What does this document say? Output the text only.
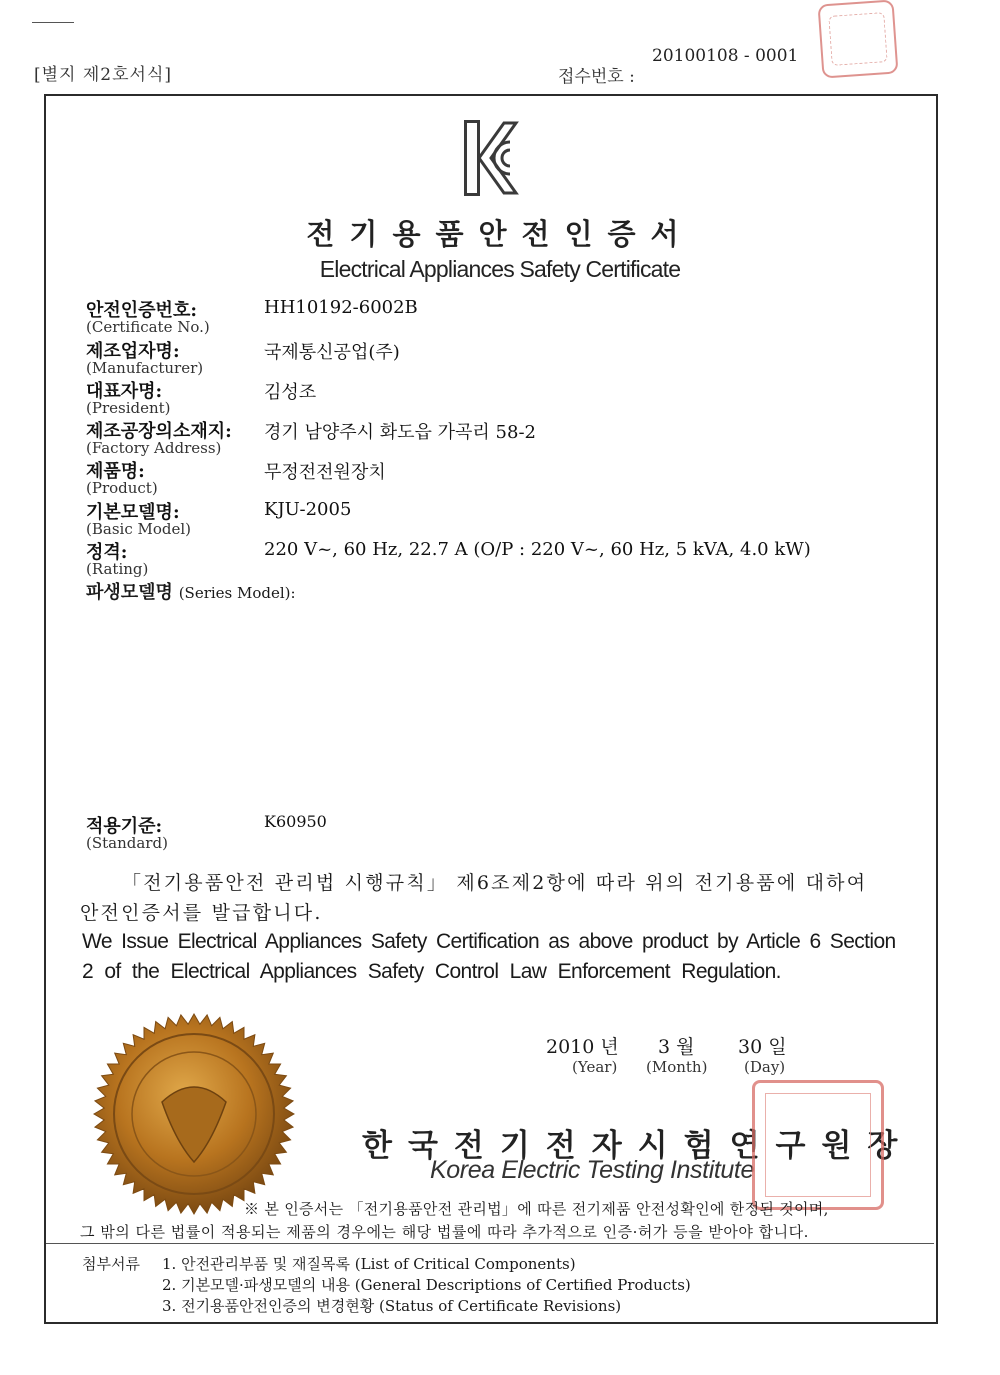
[별지 제2호서식]	접수번호 :
20100108 - 0001
전기용품안전인증서
Electrical Appliances Safety Certificate
안전인증번호:
(Certificate No.)
HH10192-6002B
제조업자명:
(Manufacturer)
국제통신공업(주)
대표자명:
(President)
김성조
제조공장의소재지:
(Factory Address)
경기 남양주시 화도읍 가곡리 58-2
제품명:
(Product)
무정전전원장치
기본모델명:
(Basic Model)
KJU-2005
정격:
(Rating)
220 V~, 60 Hz, 22.7 A (O/P : 220 V~, 60 Hz, 5 kVA, 4.0 kW)
파생모델명 (Series Model):
적용기준:
(Standard)
K60950
「전기용품안전 관리법 시행규칙」 제6조제2항에 따라 위의 전기용품에 대하여
안전인증서를 발급합니다.
We Issue Electrical Appliances Safety Certification as above product by Article 6 Section
2 of the Electrical Appliances Safety Control Law Enforcement Regulation.
2010 년
(Year)
3 월
(Month)
30 일
(Day)
한국전기전자시험연구원장
Korea Electric Testing Institute
※ 본 인증서는 「전기용품안전 관리법」에 따른 전기제품 안전성확인에 한정된 것이며,
그 밖의 다른 법률이 적용되는 제품의 경우에는 해당 법률에 따라 추가적으로 인증·허가 등을 받아야 합니다.
첨부서류 1. 안전관리부품 및 재질목록 (List of Critical Components)
2. 기본모델·파생모델의 내용 (General Descriptions of Certified Products)
3. 전기용품안전인증의 변경현황 (Status of Certificate Revisions)
